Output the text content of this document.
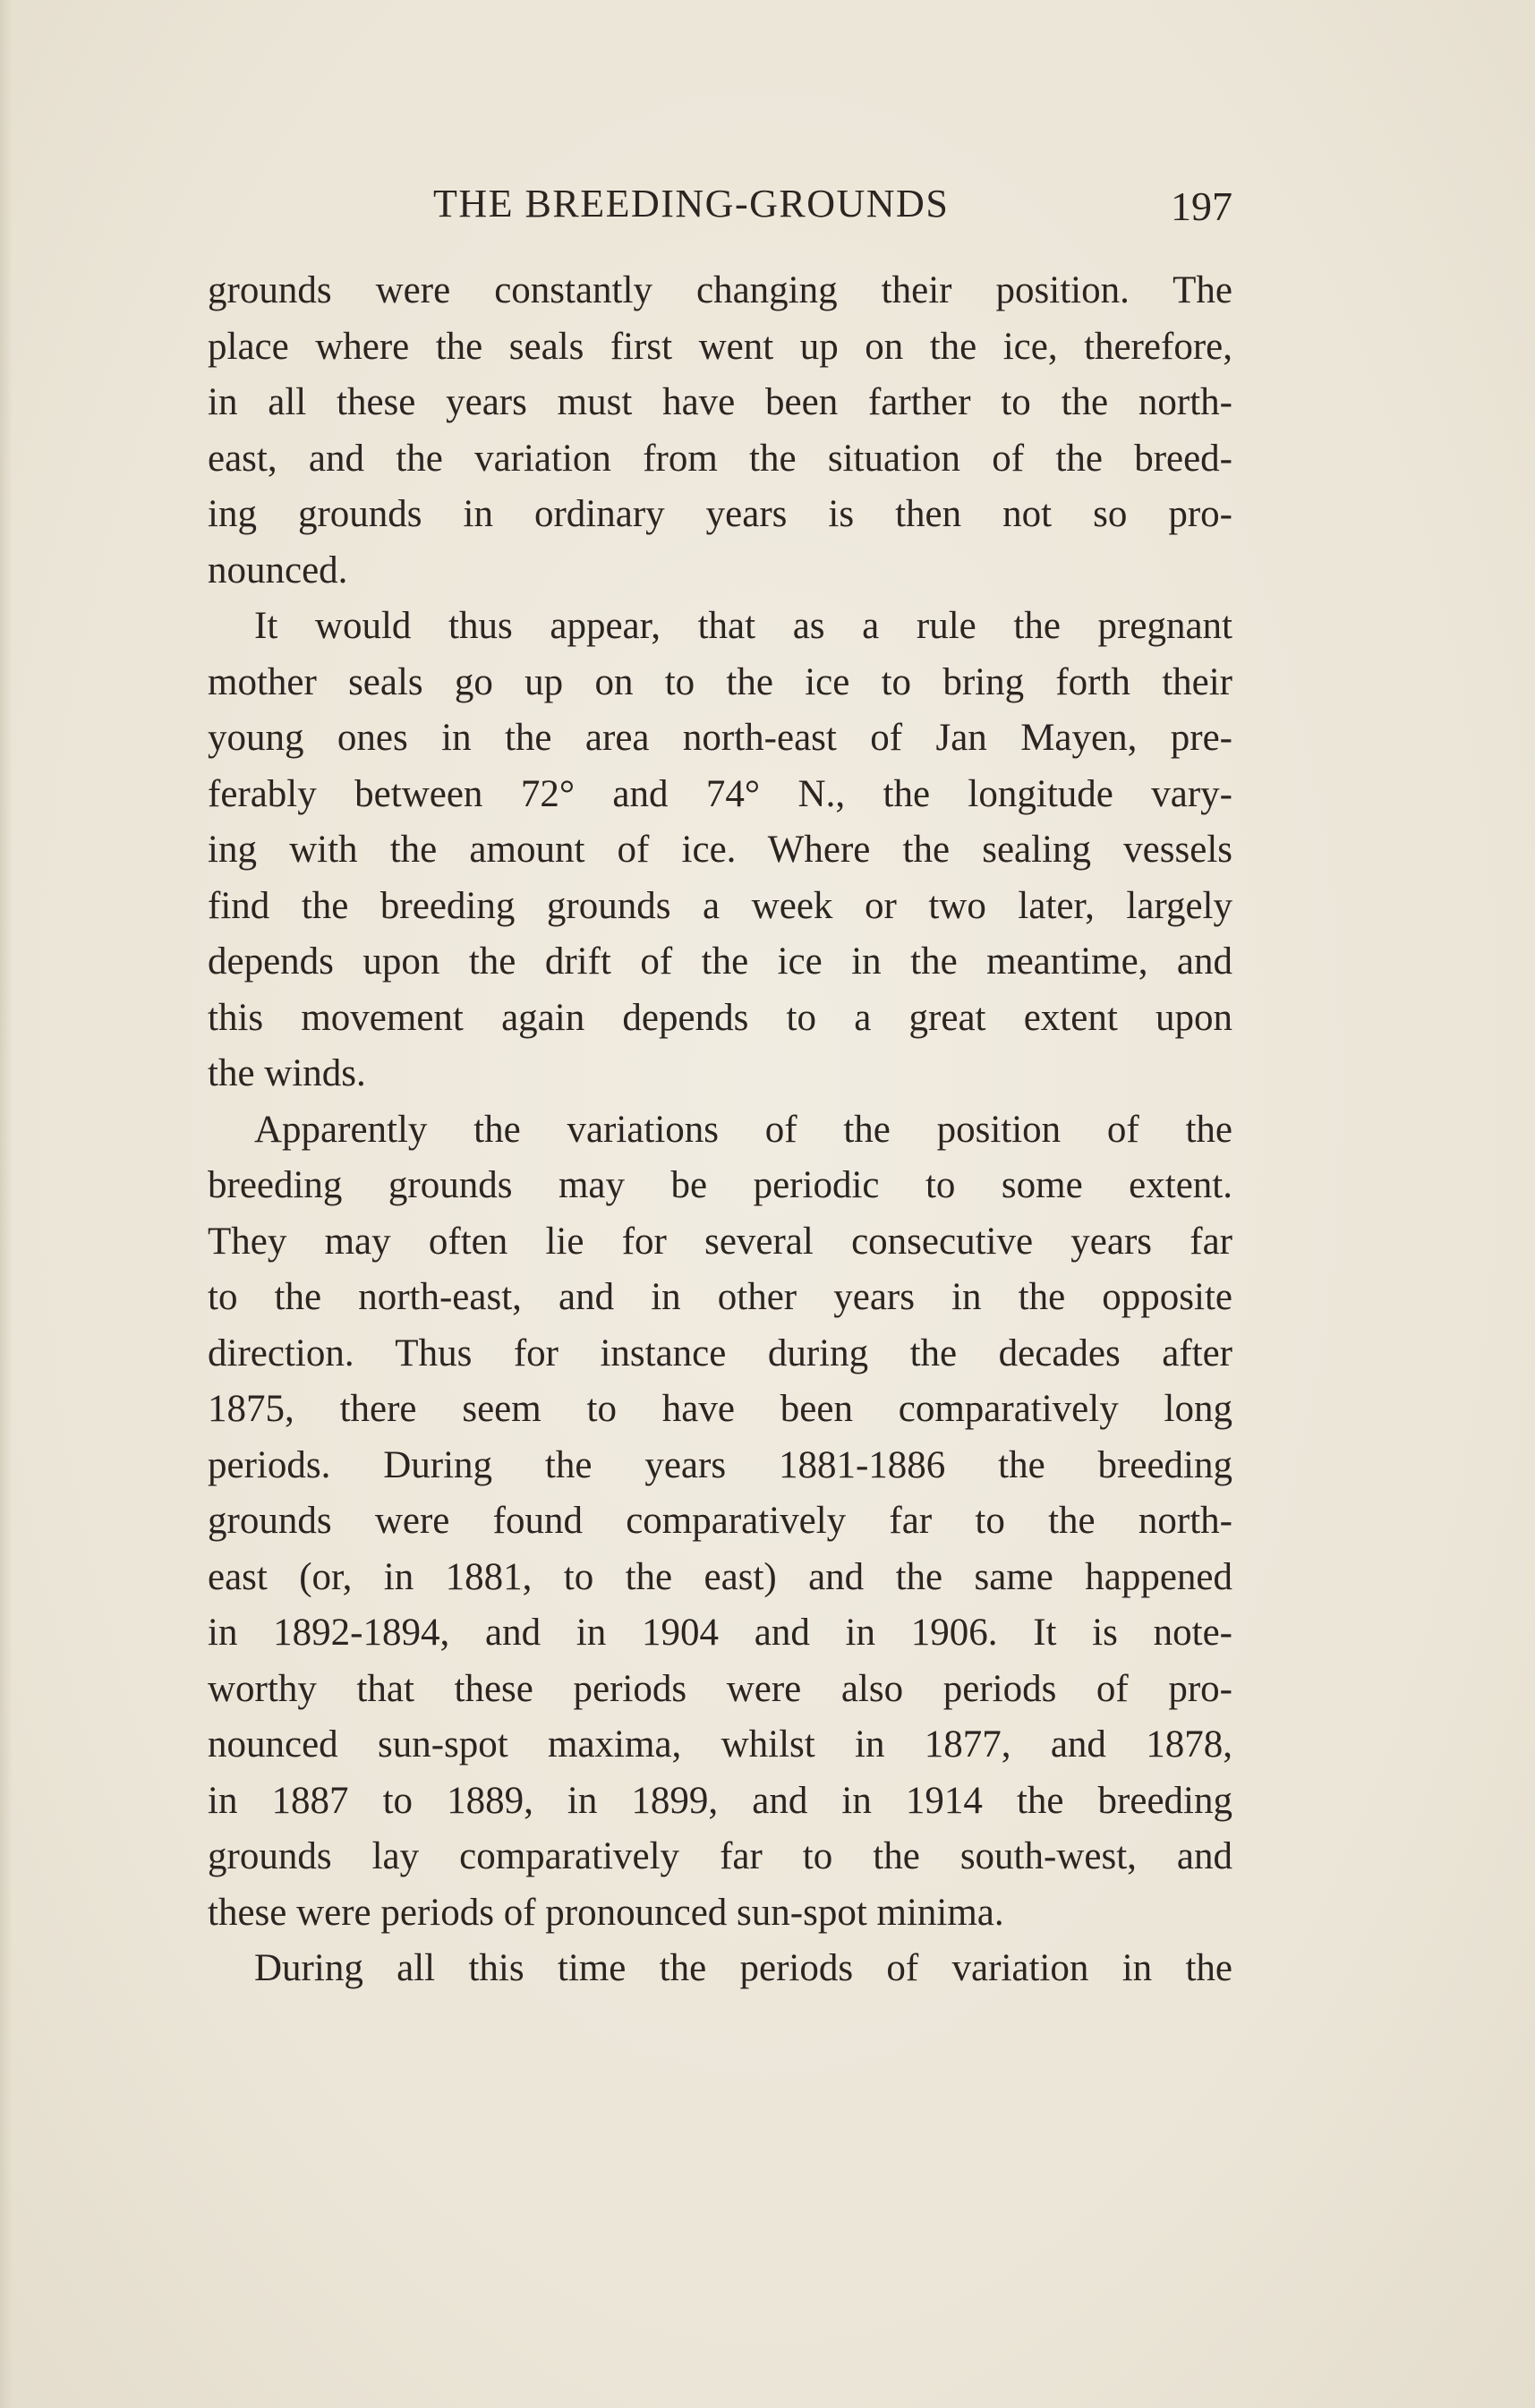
THE BREEDING-GROUNDS	197
grounds were constantly changing their position. The
place where the seals first went up on the ice, therefore,
in all these years must have been farther to the north-
east, and the variation from the situation of the breed-
ing grounds in ordinary years is then not so pro-
nounced.
It would thus appear, that as a rule the pregnant
mother seals go up on to the ice to bring forth their
young ones in the area north-east of Jan Mayen, pre-
ferably between 72° and 74° N., the longitude vary-
ing with the amount of ice. Where the sealing vessels
find the breeding grounds a week or two later, largely
depends upon the drift of the ice in the meantime, and
this movement again depends to a great extent upon
the winds.
Apparently the variations of the position of the
breeding grounds may be periodic to some extent.
They may often lie for several consecutive years far
to the north-east, and in other years in the opposite
direction. Thus for instance during the decades after
1875, there seem to have been comparatively long
periods. During the years 1881-1886 the breeding
grounds were found comparatively far to the north-
east (or, in 1881, to the east) and the same happened
in 1892-1894, and in 1904 and in 1906. It is note-
worthy that these periods were also periods of pro-
nounced sun-spot maxima, whilst in 1877, and 1878,
in 1887 to 1889, in 1899, and in 1914 the breeding
grounds lay comparatively far to the south-west, and
these were periods of pronounced sun-spot minima.
During all this time the periods of variation in the
